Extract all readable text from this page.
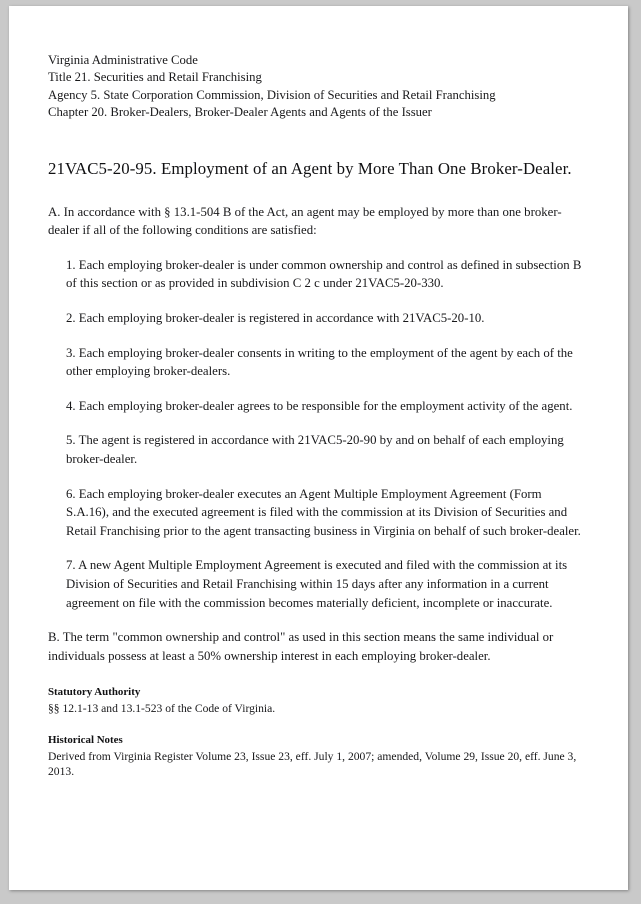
Virginia Administrative Code
Title 21. Securities and Retail Franchising
Agency 5. State Corporation Commission, Division of Securities and Retail Franchising
Chapter 20. Broker-Dealers, Broker-Dealer Agents and Agents of the Issuer
21VAC5-20-95. Employment of an Agent by More Than One Broker-Dealer.

A. In accordance with § 13.1-504 B of the Act, an agent may be employed by more than one broker-dealer if all of the following conditions are satisfied:

1. Each employing broker-dealer is under common ownership and control as defined in subsection B of this section or as provided in subdivision C 2 c under 21VAC5-20-330.

2. Each employing broker-dealer is registered in accordance with 21VAC5-20-10.

3. Each employing broker-dealer consents in writing to the employment of the agent by each of the other employing broker-dealers.

4. Each employing broker-dealer agrees to be responsible for the employment activity of the agent.

5. The agent is registered in accordance with 21VAC5-20-90 by and on behalf of each employing broker-dealer.

6. Each employing broker-dealer executes an Agent Multiple Employment Agreement (Form S.A.16), and the executed agreement is filed with the commission at its Division of Securities and Retail Franchising prior to the agent transacting business in Virginia on behalf of such broker-dealer.

7. A new Agent Multiple Employment Agreement is executed and filed with the commission at its Division of Securities and Retail Franchising within 15 days after any information in a current agreement on file with the commission becomes materially deficient, incomplete or inaccurate.

B. The term "common ownership and control" as used in this section means the same individual or individuals possess at least a 50% ownership interest in each employing broker-dealer.

Statutory Authority

§§ 12.1-13 and 13.1-523 of the Code of Virginia.

Historical Notes

Derived from Virginia Register Volume 23, Issue 23, eff. July 1, 2007; amended, Volume 29, Issue 20, eff. June 3, 2013.
